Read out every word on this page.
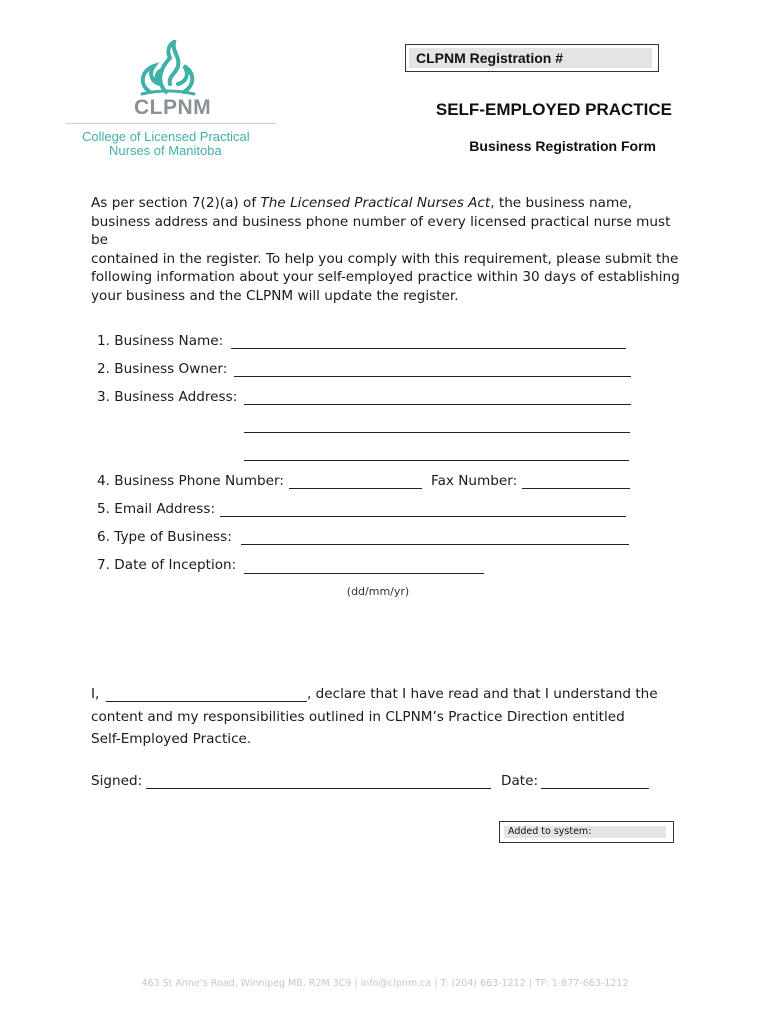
CLPNM
College of Licensed Practical
Nurses of Manitoba
CLPNM Registration #
SELF-EMPLOYED PRACTICE
Business Registration Form
As per section 7(2)(a) of The Licensed Practical Nurses Act, the business name,
business address and business phone number of every licensed practical nurse must be
contained in the register. To help you comply with this requirement, please submit the
following information about your self-employed practice within 30 days of establishing
your business and the CLPNM will update the register.
1. Business Name:
2. Business Owner:
3. Business Address:
4. Business Phone Number:	Fax Number:
5. Email Address:
6. Type of Business:
7. Date of Inception:
(dd/mm/yr)
I,	, declare that I have read and that I understand the
content and my responsibilities outlined in CLPNM’s Practice Direction entitled
Self-Employed Practice.
Signed:	Date:
Added to system:
463 St Anne’s Road, Winnipeg MB, R2M 3C9 | info@clpnm.ca | T: (204) 663-1212 | TF: 1-877-663-1212
